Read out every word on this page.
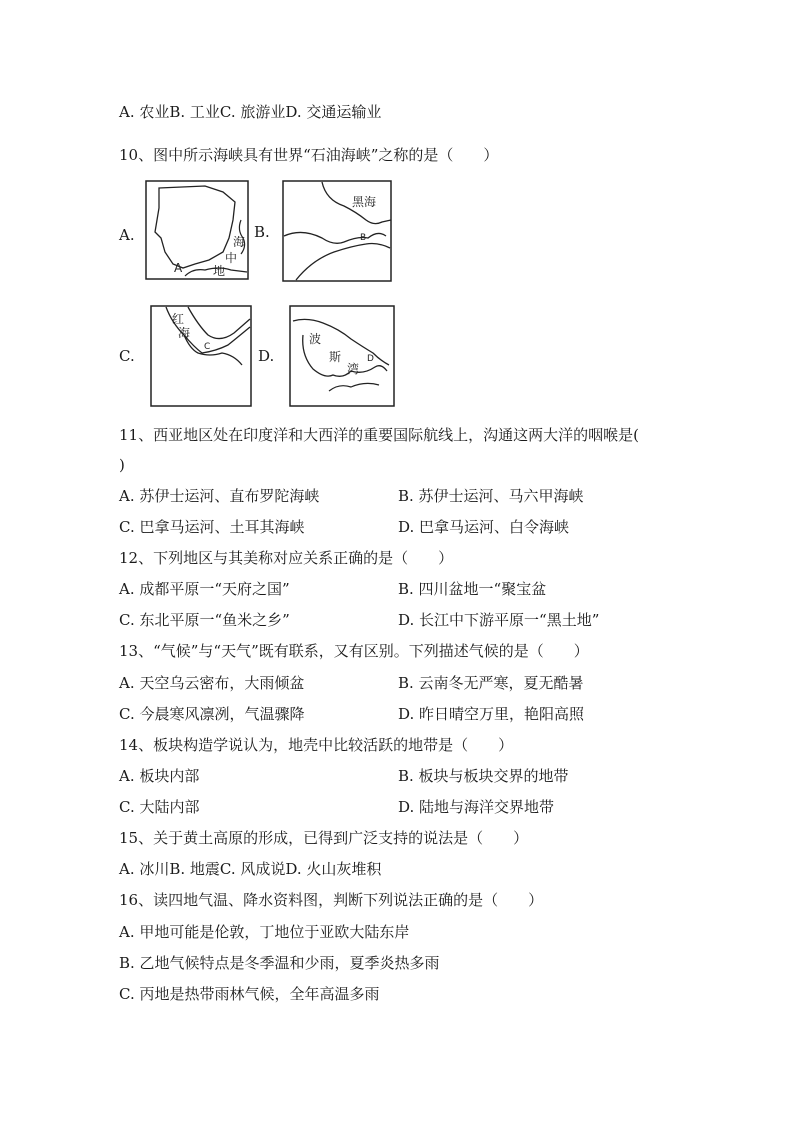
A. 农业B. 工业C. 旅游业D. 交通运输业
10、图中所示海峡具有世界“石油海峡”之称的是（　　）
A.
A
海
中
地
B.
黑海
B
C.
红
海
C	D.
波
斯
湾
D
11、西亚地区处在印度洋和大西洋的重要国际航线上，沟通这两大洋的咽喉是(
)
A. 苏伊士运河、直布罗陀海峡	B. 苏伊士运河、马六甲海峡
C. 巴拿马运河、土耳其海峡	D. 巴拿马运河、白令海峡
12、下列地区与其美称对应关系正确的是（　　）
A. 成都平原一“天府之国”	B. 四川盆地一“聚宝盆
C. 东北平原一“鱼米之乡”	D. 长江中下游平原一“黑土地”
13、“气候”与“天气”既有联系，又有区别。下列描述气候的是（　　）
A. 天空乌云密布，大雨倾盆	B. 云南冬无严寒，夏无酷暑
C. 今晨寒风凛冽，气温骤降	D. 昨日晴空万里，艳阳高照
14、板块构造学说认为，地壳中比较活跃的地带是（　　）
A. 板块内部	B. 板块与板块交界的地带
C. 大陆内部	D. 陆地与海洋交界地带
15、关于黄土高原的形成，已得到广泛支持的说法是（　　）
A. 冰川B. 地震C. 风成说D. 火山灰堆积
16、读四地气温、降水资料图，判断下列说法正确的是（　　）
A. 甲地可能是伦敦，丁地位于亚欧大陆东岸
B. 乙地气候特点是冬季温和少雨，夏季炎热多雨
C. 丙地是热带雨林气候，全年高温多雨
